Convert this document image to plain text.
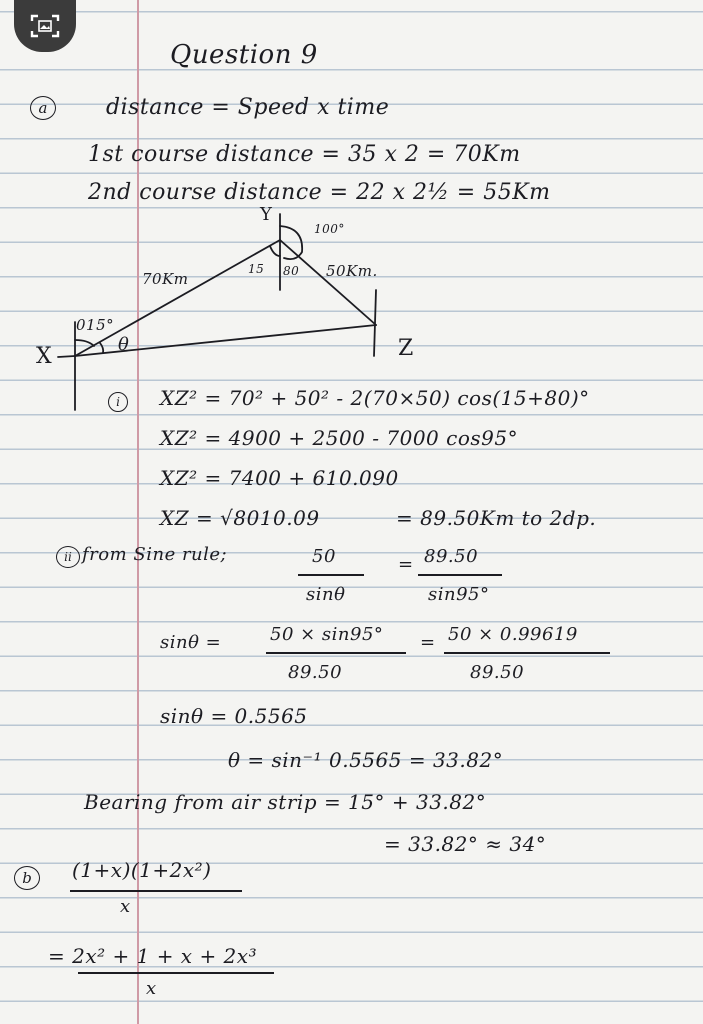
Question 9
a	distance = Speed x time
1st course distance = 35 x 2 = 70Km
2nd course distance = 22 x 2½ = 55Km
015°
θ
X
Y
Z
70Km	50Km.
15 80
100°
i	XZ² = 70² + 50² - 2(70×50) cos(15+80)°
XZ² = 4900 + 2500 - 7000 cos95°
XZ² = 7400 + 610.090
XZ = √8010.09	= 89.50Km to 2dp.
ii from Sine rule;	50
sinθ
= 89.50
sin95°
sinθ =	50 × sin95°
89.50
= 50 × 0.99619
89.50
sinθ = 0.5565
θ = sin⁻¹ 0.5565 = 33.82°
Bearing from air strip = 15° + 33.82°
= 33.82° ≈ 34°
b	(1+x)(1+2x²)
x
= 2x² + 1 + x + 2x³
x
